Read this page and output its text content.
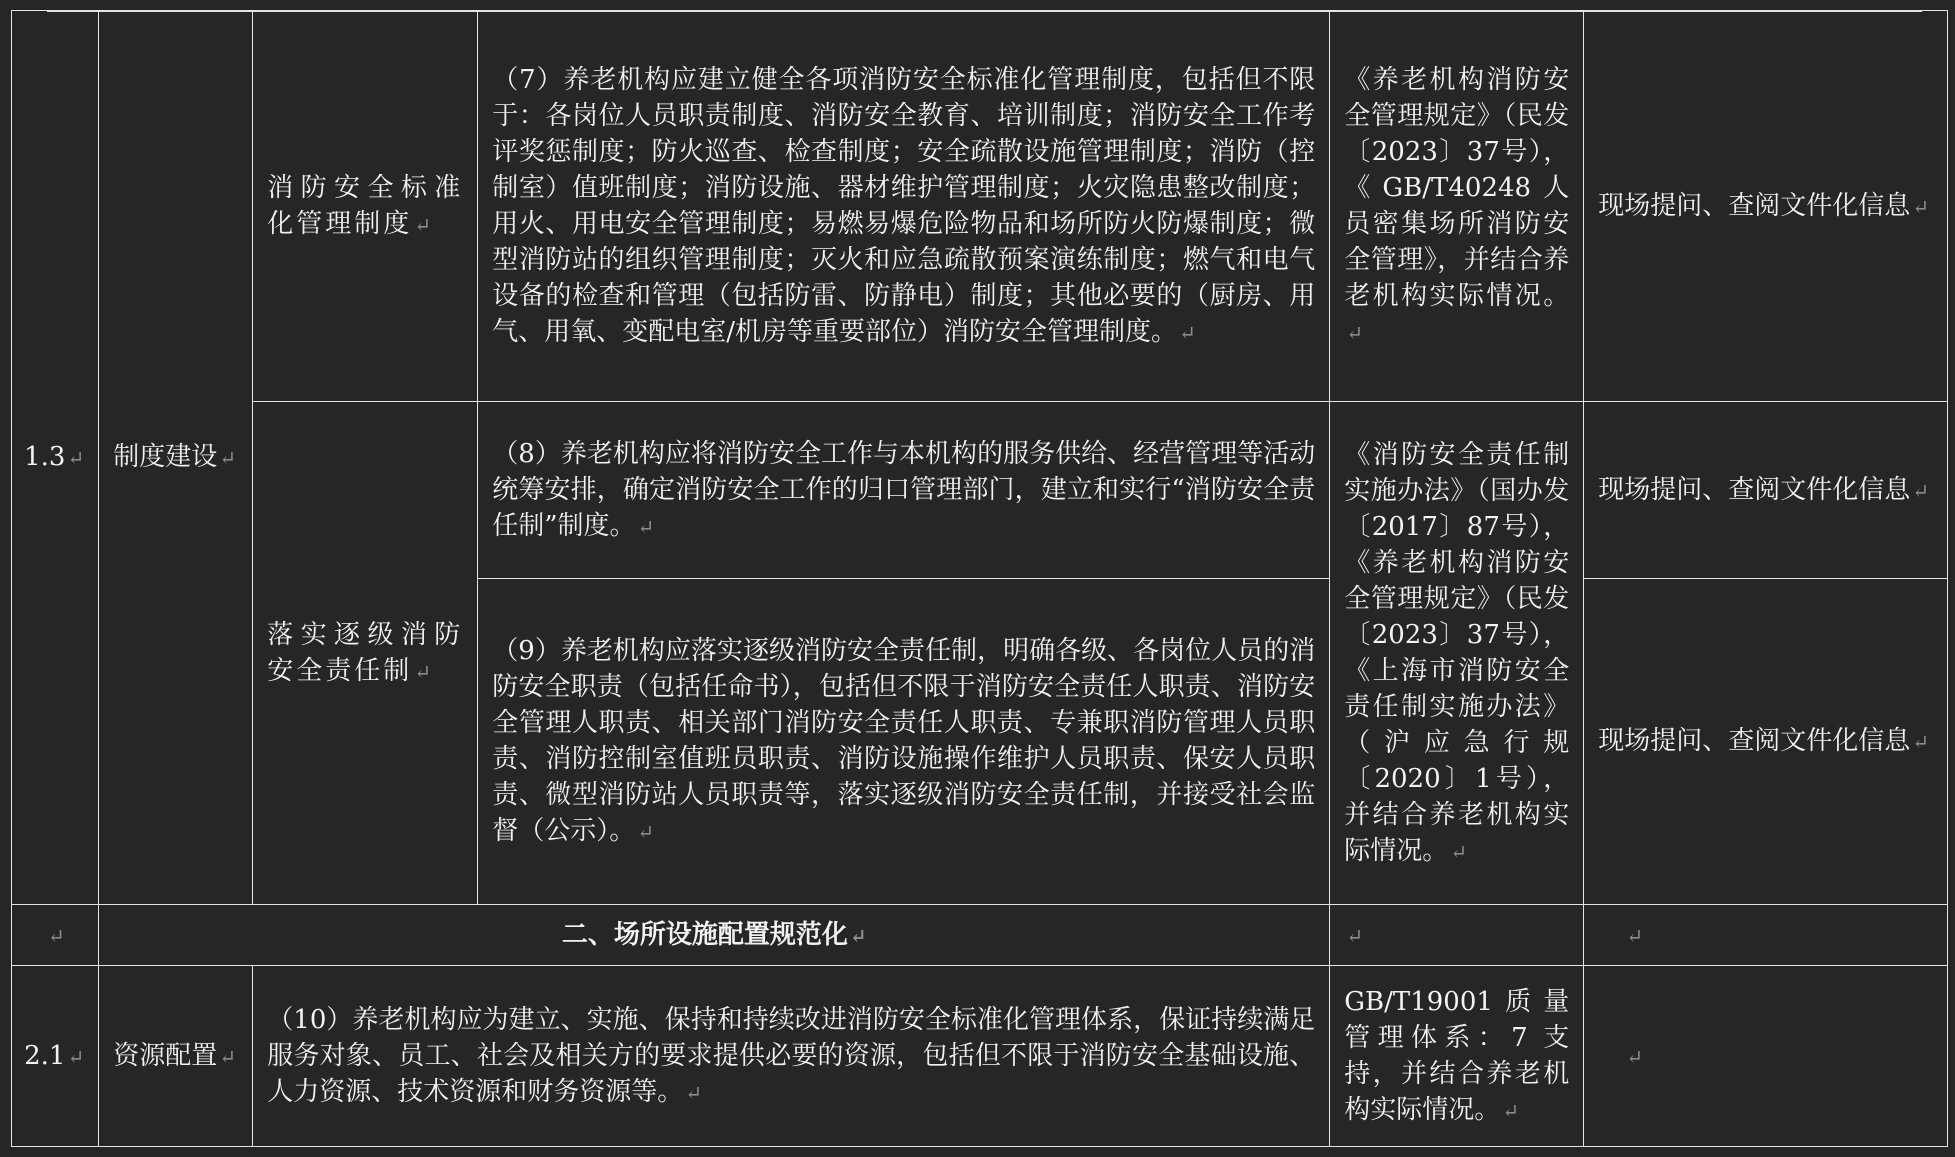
1.3 ↵	制度建设 ↵
消防安全标准化管理制度 ↵
落实逐级消防安全责任制 ↵
（7）养老机构应建立健全各项消防安全标准化管理制度，包括但不限于：各岗位人员职责制度、消防安全教育、培训制度；消防安全工作考评奖惩制度；防火巡查、检查制度；安全疏散设施管理制度；消防（控制室）值班制度；消防设施、器材维护管理制度；火灾隐患整改制度；用火、用电安全管理制度；易燃易爆危险物品和场所防火防爆制度；微型消防站的组织管理制度；灭火和应急疏散预案演练制度；燃气和电气设备的检查和管理（包括防雷、防静电）制度；其他必要的（厨房、用气、用氧、变配电室/机房等重要部位）消防安全管理制度。 ↵
（8）养老机构应将消防安全工作与本机构的服务供给、经营管理等活动统筹安排，确定消防安全工作的归口管理部门，建立和实行“消防安全责任制”制度。 ↵
（9）养老机构应落实逐级消防安全责任制，明确各级、各岗位人员的消防安全职责（包括任命书），包括但不限于消防安全责任人职责、消防安全管理人职责、相关部门消防安全责任人职责、专兼职消防管理人员职责、消防控制室值班员职责、消防设施操作维护人员职责、保安人员职责、微型消防站人员职责等，落实逐级消防安全责任制，并接受社会监督（公示）。 ↵
《养老机构消防安全管理规定》（民发〔2023〕37号），《GB/T40248人员密集场所消防安全管理》，并结合养老机构实际情况。 ↵
《消防安全责任制实施办法》（国办发〔2017〕87号），《养老机构消防安全管理规定》（民发〔2023〕37号），《上海市消防安全责任制实施办法》（沪应急行规〔2020〕1号），并结合养老机构实际情况。 ↵
现场提问、查阅文件化信息 ↵
现场提问、查阅文件化信息 ↵
现场提问、查阅文件化信息 ↵
↵
二、场所设施配置规范化 ↵
↵
↵
2.1 ↵	资源配置 ↵
（10）养老机构应为建立、实施、保持和持续改进消防安全标准化管理体系，保证持续满足服务对象、员工、社会及相关方的要求提供必要的资源，包括但不限于消防安全基础设施、人力资源、技术资源和财务资源等。 ↵
GB/T19001质量管理体系：7 支持，并结合养老机构实际情况。 ↵
↵
